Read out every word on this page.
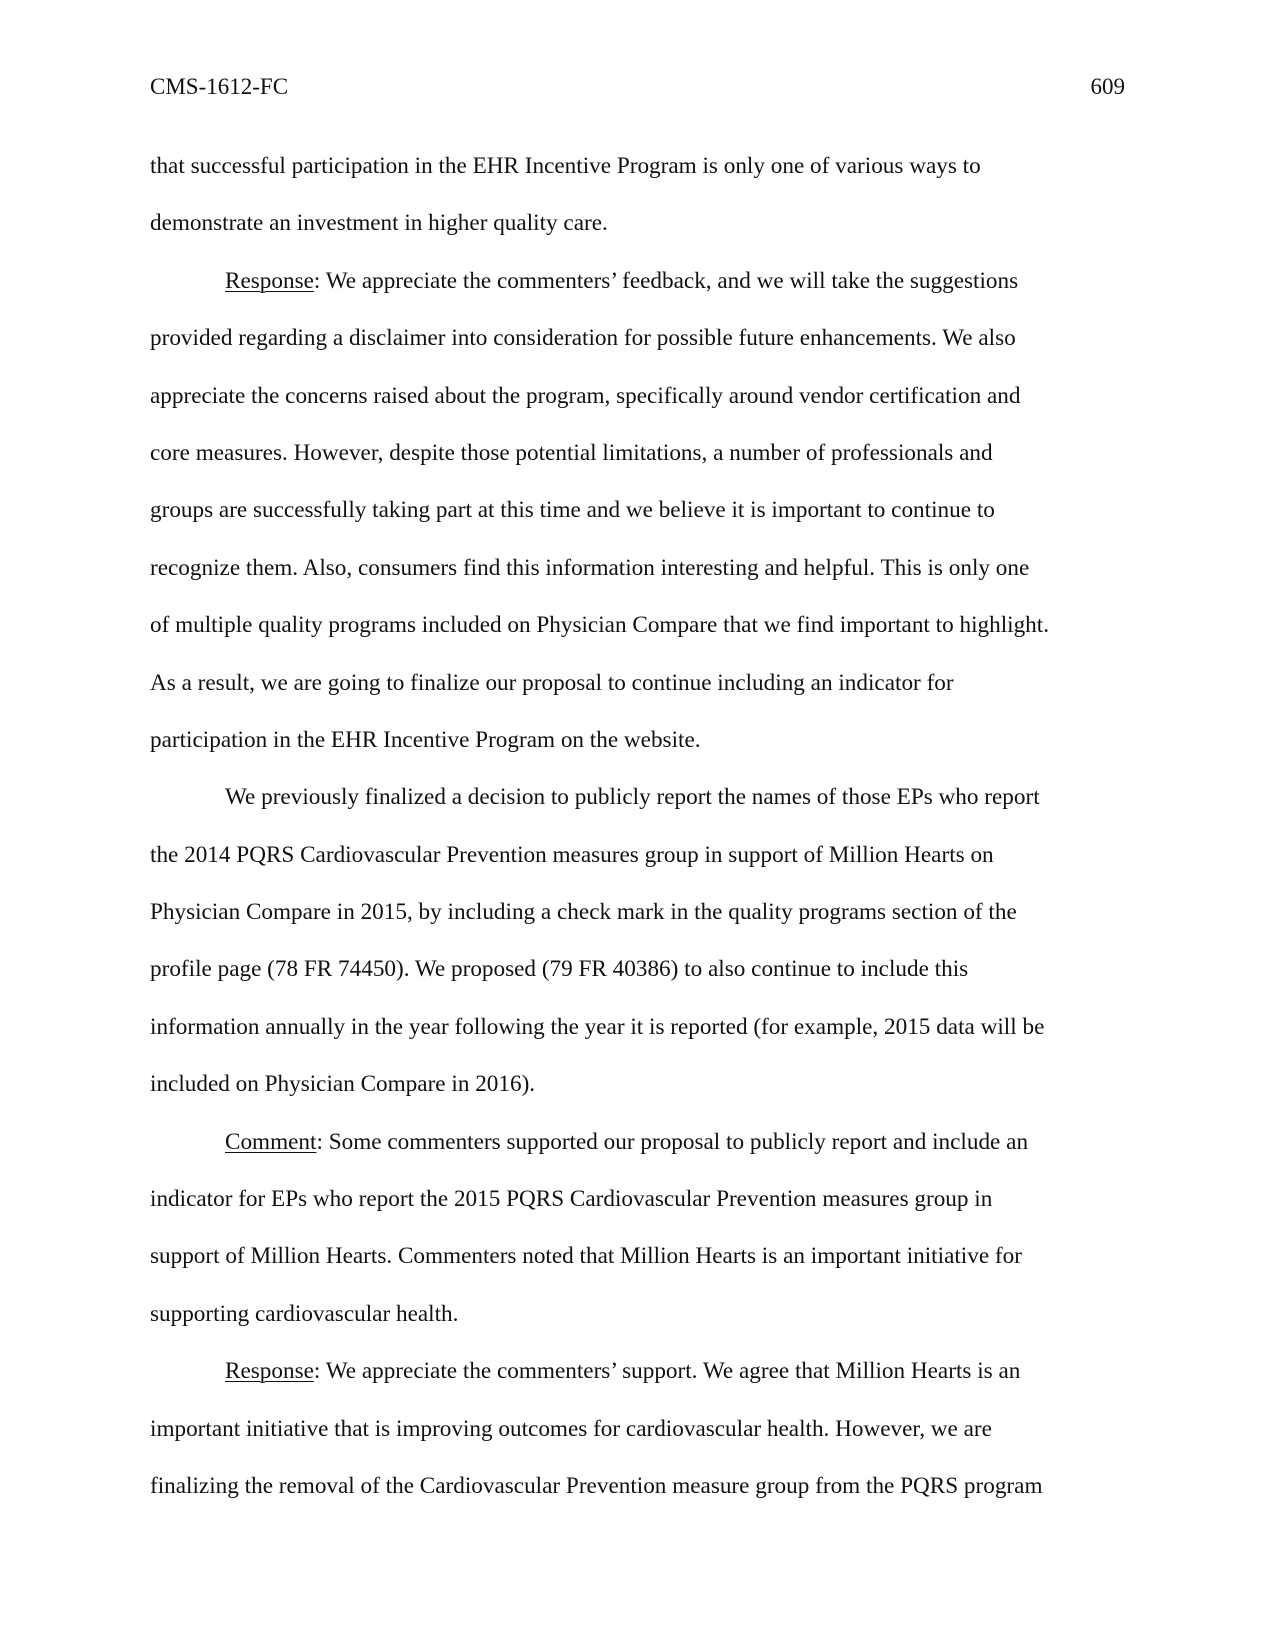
CMS-1612-FC	609

that successful participation in the EHR Incentive Program is only one of various ways to
demonstrate an investment in higher quality care.

Response: We appreciate the commenters’ feedback, and we will take the suggestions
provided regarding a disclaimer into consideration for possible future enhancements. We also
appreciate the concerns raised about the program, specifically around vendor certification and
core measures. However, despite those potential limitations, a number of professionals and
groups are successfully taking part at this time and we believe it is important to continue to
recognize them. Also, consumers find this information interesting and helpful. This is only one
of multiple quality programs included on Physician Compare that we find important to highlight.
As a result, we are going to finalize our proposal to continue including an indicator for
participation in the EHR Incentive Program on the website.

We previously finalized a decision to publicly report the names of those EPs who report
the 2014 PQRS Cardiovascular Prevention measures group in support of Million Hearts on
Physician Compare in 2015, by including a check mark in the quality programs section of the
profile page (78 FR 74450). We proposed (79 FR 40386) to also continue to include this
information annually in the year following the year it is reported (for example, 2015 data will be
included on Physician Compare in 2016).

Comment: Some commenters supported our proposal to publicly report and include an
indicator for EPs who report the 2015 PQRS Cardiovascular Prevention measures group in
support of Million Hearts. Commenters noted that Million Hearts is an important initiative for
supporting cardiovascular health.

Response: We appreciate the commenters’ support. We agree that Million Hearts is an
important initiative that is improving outcomes for cardiovascular health. However, we are
finalizing the removal of the Cardiovascular Prevention measure group from the PQRS program
